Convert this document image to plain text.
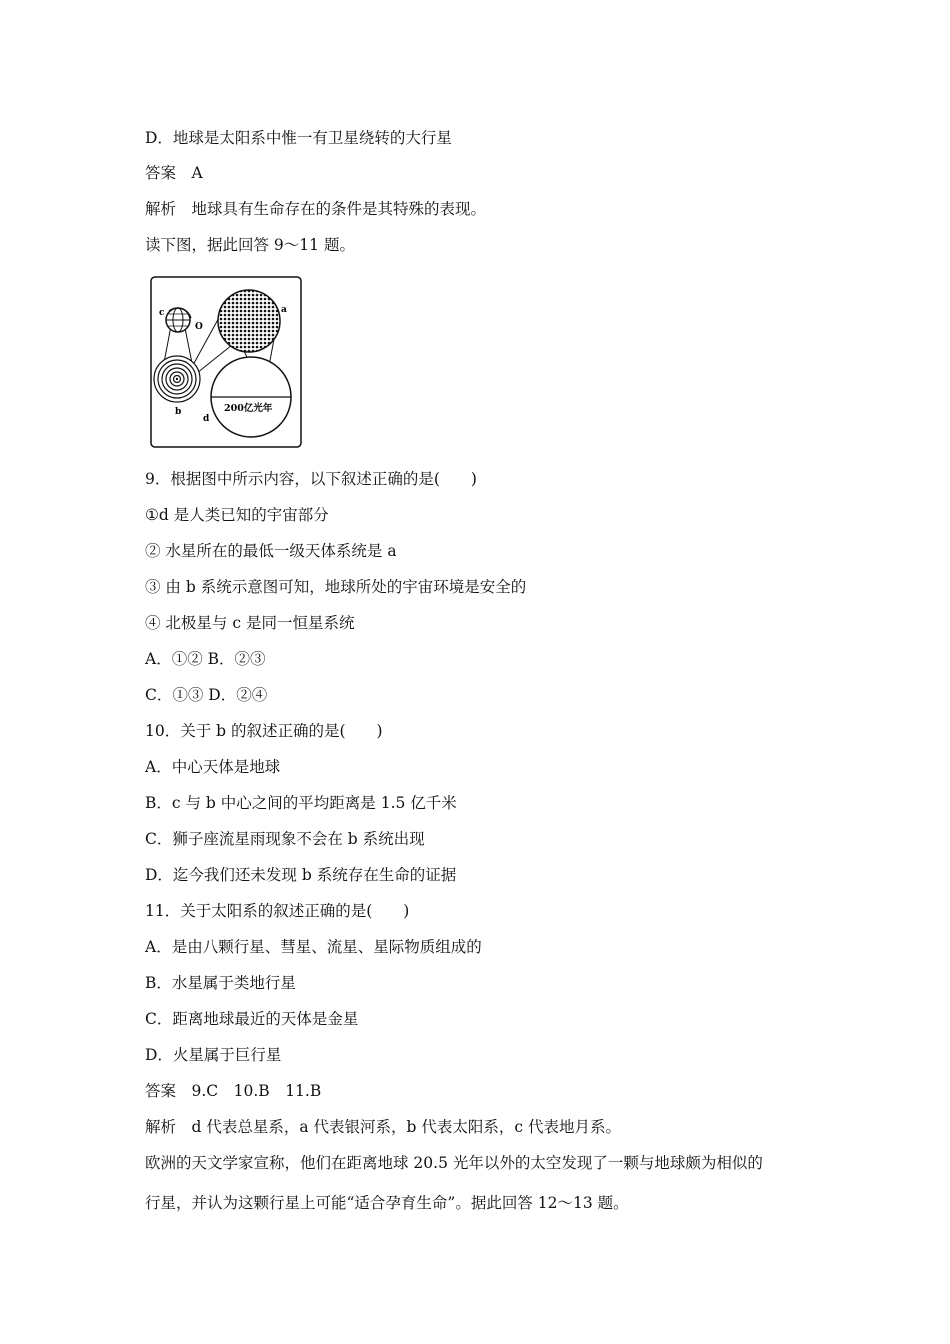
D．地球是太阳系中惟一有卫星绕转的大行星
答案　A
解析　地球具有生命存在的条件是其特殊的表现。
读下图，据此回答 9～11 题。
c
O
a
b
d
200亿光年
9．根据图中所示内容，以下叙述正确的是(　　)
①d 是人类已知的宇宙部分
② 水星所在的最低一级天体系统是 a
③ 由 b 系统示意图可知，地球所处的宇宙环境是安全的
④ 北极星与 c 是同一恒星系统
A．①② B．②③
C．①③ D．②④
10．关于 b 的叙述正确的是(　　)
A．中心天体是地球
B．c 与 b 中心之间的平均距离是 1.5 亿千米
C．狮子座流星雨现象不会在 b 系统出现
D．迄今我们还未发现 b 系统存在生命的证据
11．关于太阳系的叙述正确的是(　　)
A．是由八颗行星、彗星、流星、星际物质组成的
B．水星属于类地行星
C．距离地球最近的天体是金星
D．火星属于巨行星
答案　9.C　10.B　11.B
解析　d 代表总星系，a 代表银河系，b 代表太阳系，c 代表地月系。
欧洲的天文学家宣称，他们在距离地球 20.5 光年以外的太空发现了一颗与地球颇为相似的
行星，并认为这颗行星上可能“适合孕育生命”。据此回答 12～13 题。
